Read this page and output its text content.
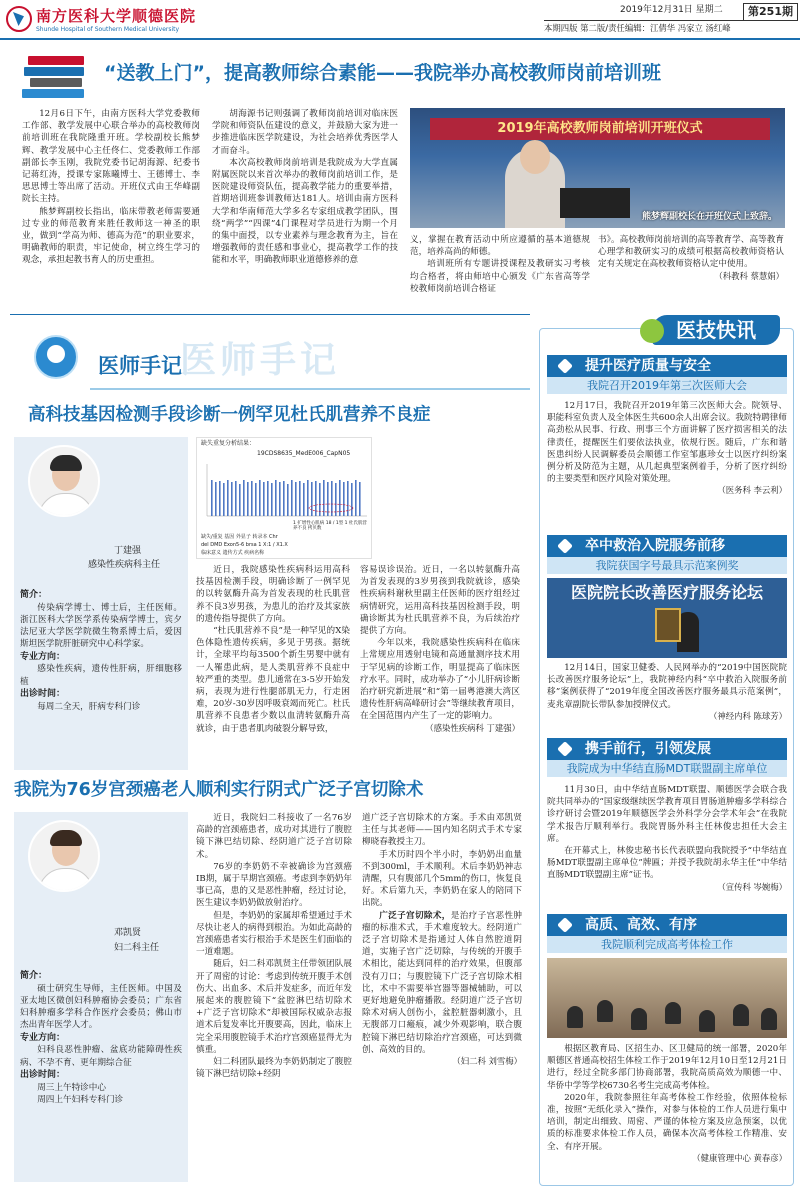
南方医科大学顺德医院
Shunde Hospital of Southern Medical University
2019年12月31日 星期二	第251期
本期四版 第二版/责任编辑：江倩华 冯家立 汤红峰
“送教上门”，提高教师综合素能——我院举办高校教师岗前培训班

12月6日下午，由南方医科大学党委教师工作部、教学发展中心联合举办的高校教师岗前培训班在我院隆重开班。学校副校长熊梦辉、教学发展中心主任佟仁、党委教师工作部副部长李玉刚，我院党委书记胡海源、纪委书记蒋红涛，授课专家陈曦博士、王德博士、李思思博士等出席了活动。开班仪式由王华峰副院长主持。

熊梦辉副校长指出，临床带教老师需要通过专业的师范教育来胜任教师这一神圣的职业，做到“学高为师、德高为范”的职业要求，明确教师的职责，牢记使命，树立终生学习的观念，承担起教书育人的历史重担。

胡海源书记则强调了教师岗前培训对临床医学院和师资队伍建设的意义，并鼓励大家为进一步推进临床医学院建设，为社会培养优秀医学人才而奋斗。

本次高校教师岗前培训是我院成为大学直属附属医院以来首次举办的教师岗前培训工作，是医院建设师资队伍，提高教学能力的重要举措，首期培训班参训教师达181人。培训由南方医科大学和华南师范大学多名专家组成教学团队，围绕“两学”“四课”4门课程对学员进行为期一个月的集中面授，以专业素养与理念教育为主，旨在增强教师的责任感和事业心，提高教学工作的技能和水平，明确教师职业道德修养的意

2019年高校教师岗前培训开班仪式
熊梦辉副校长在开班仪式上致辞。

义，掌握在教育活动中所应遵循的基本道德规范，培养高尚的师德。

培训班所有专题讲授课程及教研实习考核均合格者，将由师培中心颁发《广东省高等学校教师岗前培训合格证

书》。高校教师岗前培训的高等教育学、高等教育心理学和教研实习的成绩可根据高校教师资格认定有关规定在高校教师资格认定中使用。

（科教科 蔡慧娟）
医师手记
医师手记
高科技基因检测手段诊断一例罕见杜氏肌营养不良症
丁建强
感染性疾病科主任
简介：

传染病学博士、博士后，主任医师。浙江医科大学医学系传染病学博士，宾夕法尼亚大学医学院微生物系博士后，爱因斯坦医学院肝脏研究中心科学家。

专业方向：

感染性疾病，遗传性肝病，肝细胞移植

出诊时间：

每周二全天，肝病专科门诊

缺失重复分析结果：
19CDS8635_MedE006_CapN05
1 扩增性心肌病 18 / 1型 1 杜氏肌营养不良 拷贝数
缺失/重复 基因 外显子 转录本 Chr
del DMD Exon5-6 brsa 1 X:1 / X1.X
临床意义 遗传方式 疾病名称

近日，我院感染性疾病科运用高科技基因检测手段，明确诊断了一例罕见的以转氨酶升高为首发表现的杜氏肌营养不良3岁男孩，为患儿的治疗及其家族的遗传指导提供了方向。

“杜氏肌营养不良”是一种罕见的X染色体隐性遗传疾病，多见于男孩。据统计，全球平均每3500个新生男婴中就有一人罹患此病，是人类肌营养不良症中较严重的类型。患儿通常在3-5岁开始发病，表现为进行性腿部肌无力，行走困难，20岁-30岁因呼吸衰竭而死亡。杜氏肌营养不良患者少数以血清转氨酶升高就诊，由于患者肌肉破裂分解导致，

容易误诊误治。近日，一名以转氨酶升高为首发表现的3岁男孩到我院就诊，感染性疾病科谢秋里副主任医师的医疗组经过病情研究，运用高科技基因检测手段，明确诊断其为杜氏肌营养不良，为后续治疗提供了方向。

今年以来，我院感染性疾病科在临床上常规应用透射电镜和高通量测序技术用于罕见病的诊断工作，明显提高了临床医疗水平。同时，成功举办了“小儿肝病诊断治疗研究新进展”和“第一届粤港澳大湾区遗传性肝病高峰研讨会”等继续教育项目，在全国范围内产生了一定的影响力。

（感染性疾病科 丁建强）
我院为76岁宫颈癌老人顺利实行阴式广泛子宫切除术
邓凯贤
妇二科主任
简介：

硕士研究生导师，主任医师。中国及亚太地区微创妇科肿瘤协会委员；广东省妇科肿瘤多学科合作医疗会委员；佛山市杰出青年医学人才。

专业方向：

妇科良恶性肿瘤、盆底功能障碍性疾病、不孕不育、更年期综合征

出诊时间：

周三上午特诊中心

周四上午妇科专科门诊

近日，我院妇二科接收了一名76岁高龄的宫颈癌患者，成功对其进行了腹腔镜下淋巴结切除、经阴道广泛子宫切除术。

76岁的李奶奶不幸被确诊为宫颈癌IB期，属于早期宫颈癌。考虑到李奶奶年事已高，患的又是恶性肿瘤，经过讨论，医生建议李奶奶做放射治疗。

但是，李奶奶的家属却希望通过手术尽快让老人的病得到根治。为如此高龄的宫颈癌患者实行根治手术是医生们面临的一道难题。

随后，妇二科邓凯贤主任带领团队展开了周密的讨论：考虑到传统开腹手术创伤大、出血多、术后并发症多，而近年发展起来的腹腔镜下“盆腔淋巴结切除术+广泛子宫切除术”却被国际权威杂志报道术后复发率比开腹要高，因此，临床上完全采用腹腔镜手术治疗宫颈癌显得尤为慎重。

妇二科团队最终为李奶奶制定了腹腔镜下淋巴结切除+经阴

道广泛子宫切除术的方案。手术由邓凯贤主任与其老师——国内知名阴式手术专家柳晓春教授主刀。

手术历时四个半小时，李奶奶出血量不到300ml，手术顺利。术后李奶奶神志清醒，只有腹部几个5mm的伤口，恢复良好。术后第九天，李奶奶在家人的陪同下出院。

广泛子宫切除术，是治疗子宫恶性肿瘤的标准术式，手术难度较大。经阴道广泛子宫切除术是指通过人体自然腔道阴道，实施子宫广泛切除，与传统的开腹手术相比，能达到同样的治疗效果，但腹部没有刀口；与腹腔镜下广泛子宫切除术相比，术中不需要举宫器等器械辅助，可以更好地避免肿瘤播散。经阴道广泛子宫切除术对病人创伤小，盆腔脏器刺激小，且无腹部刀口瘢痕，减少外观影响，联合腹腔镜下淋巴结切除治疗宫颈癌，可达到微创、高效的目的。

（妇二科 刘雪梅）
医技快讯
提升医疗质量与安全
我院召开2019年第三次医师大会

12月17日，我院召开2019年第三次医师大会。院领导、职能科室负责人及全体医生共600余人出席会议。我院特聘律师高劲松从民事、行政、刑事三个方面讲解了医疗损害相关的法律责任，提醒医生们要依法执业，依规行医。随后，广东和谐医患纠纷人民调解委员会顺德工作室邹惠珍女士以医疗纠纷案例分析及防范为主题，从几起典型案例着手，分析了医疗纠纷的主要类型和医疗风险对策处理。

（医务科 李云利）
卒中救治入院服务前移
我院获国字号最具示范案例奖
医院院长改善医疗服务论坛

12月14日，国家卫健委、人民网举办的“2019中国医院院长改善医疗服务论坛”上，我院神经内科“卒中救治入院服务前移”案例获得了“2019年度全国改善医疗服务最具示范案例”，麦兆章副院长带队参加授牌仪式。

（神经内科 陈球芳）
携手前行，引领发展
我院成为中华结直肠MDT联盟副主席单位

11月30日，由中华结直肠MDT联盟、顺德医学会联合我院共同举办的“国家级继续医学教育项目胃肠道肿瘤多学科综合诊疗研讨会暨2019年顺德医学会外科学分会学术年会”在我院学术报告厅顺利举行。我院胃肠外科主任林俊忠担任大会主席。

在开幕式上，林俊忠秘书长代表联盟向我院授予“中华结直肠MDT联盟副主席单位”牌匾；并授予我院胡永华主任“中华结直肠MDT联盟副主席”证书。

（宣传科 岑婉梅）
高质、高效、有序
我院顺利完成高考体检工作

根据区教育局、区招生办、区卫健局的统一部署，2020年顺德区普通高校招生体检工作于2019年12月10日至12月21日进行，经过全院多部门协商部署，我院高质高效为顺德一中、华侨中学等学校6730名考生完成高考体检。

2020年，我院参照往年高考体检工作经验，依照体检标准，按照“无纸化录入”操作，对参与体检的工作人员进行集中培训，制定出细致、周密、严谨的体检方案及应急预案，以优质的标准要求体检工作人员，确保本次高考体检工作精准、安全、有序开展。

（健康管理中心 黄春彦）
